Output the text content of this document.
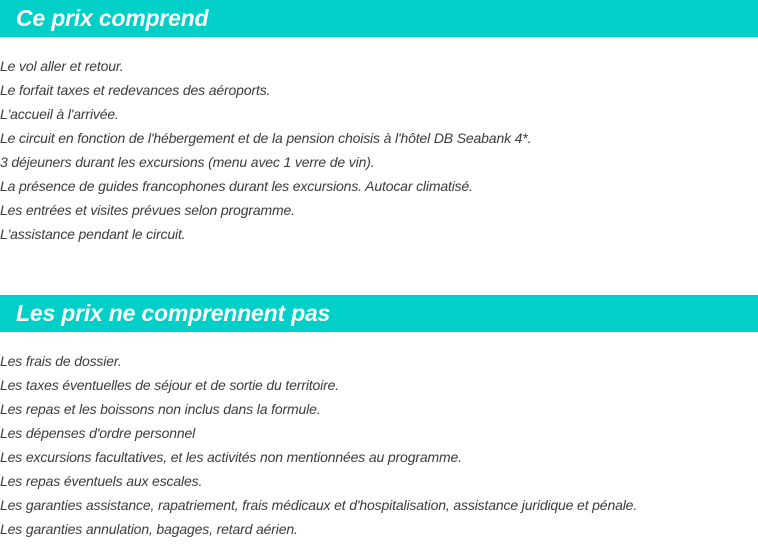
Ce prix comprend
Le vol aller et retour.
Le forfait taxes et redevances des aéroports.
L'accueil à l'arrivée.
Le circuit en fonction de l'hébergement et de la pension choisis à l'hôtel DB Seabank 4*.
3 déjeuners durant les excursions (menu avec 1 verre de vin).
La présence de guides francophones durant les excursions. Autocar climatisé.
Les entrées et visites prévues selon programme.
L'assistance pendant le circuit.
Les prix ne comprennent pas
Les frais de dossier.
Les taxes éventuelles de séjour et de sortie du territoire.
Les repas et les boissons non inclus dans la formule.
Les dépenses d'ordre personnel
Les excursions facultatives, et les activités non mentionnées au programme.
Les repas éventuels aux escales.
Les garanties assistance, rapatriement, frais médicaux et d'hospitalisation, assistance juridique et pénale.
Les garanties annulation, bagages, retard aérien.
